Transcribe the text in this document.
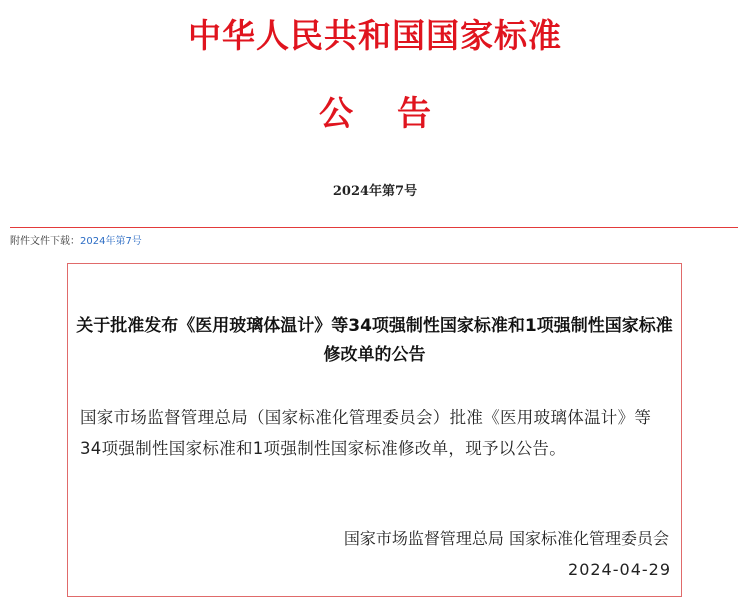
中华人民共和国国家标准
公告
2024年第7号
附件文件下载：2024年第7号
关于批准发布《医用玻璃体温计》等34项强制性国家标准和1项强制性国家标准修改单的公告
国家市场监督管理总局（国家标准化管理委员会）批准《医用玻璃体温计》等34项强制性国家标准和1项强制性国家标准修改单，现予以公告。
国家市场监督管理总局 国家标准化管理委员会
2024-04-29
